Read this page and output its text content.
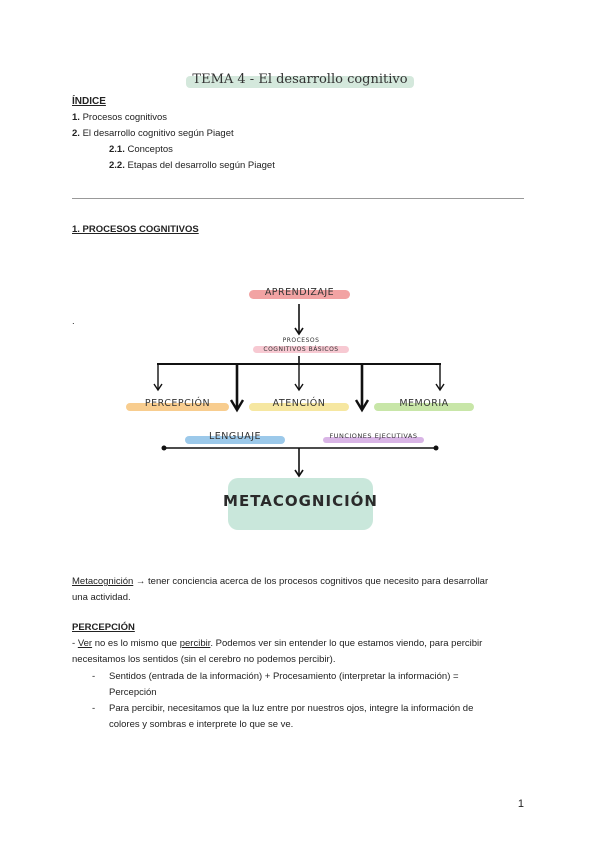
TEMA 4 - El desarrollo cognitivo
ÍNDICE
1. Procesos cognitivos
2. El desarrollo cognitivo según Piaget
2.1. Conceptos
2.2. Etapas del desarrollo según Piaget
1. PROCESOS COGNITIVOS
.
APRENDIZAJE
PROCESOS
COGNITIVOS BÁSICOS
PERCEPCIÓN	ATENCIÓN	MEMORIA
LENGUAJE	FUNCIONES EJECUTIVAS
METACOGNICIÓN
Metacognición → tener conciencia acerca de los procesos cognitivos que necesito para desarrollar
una actividad.
PERCEPCIÓN
- Ver no es lo mismo que percibir. Podemos ver sin entender lo que estamos viendo, para percibir
necesitamos los sentidos (sin el cerebro no podemos percibir).
- Sentidos (entrada de la información) + Procesamiento (interpretar la información) =
Percepción
- Para percibir, necesitamos que la luz entre por nuestros ojos, integre la información de
colores y sombras e interprete lo que se ve.
1
